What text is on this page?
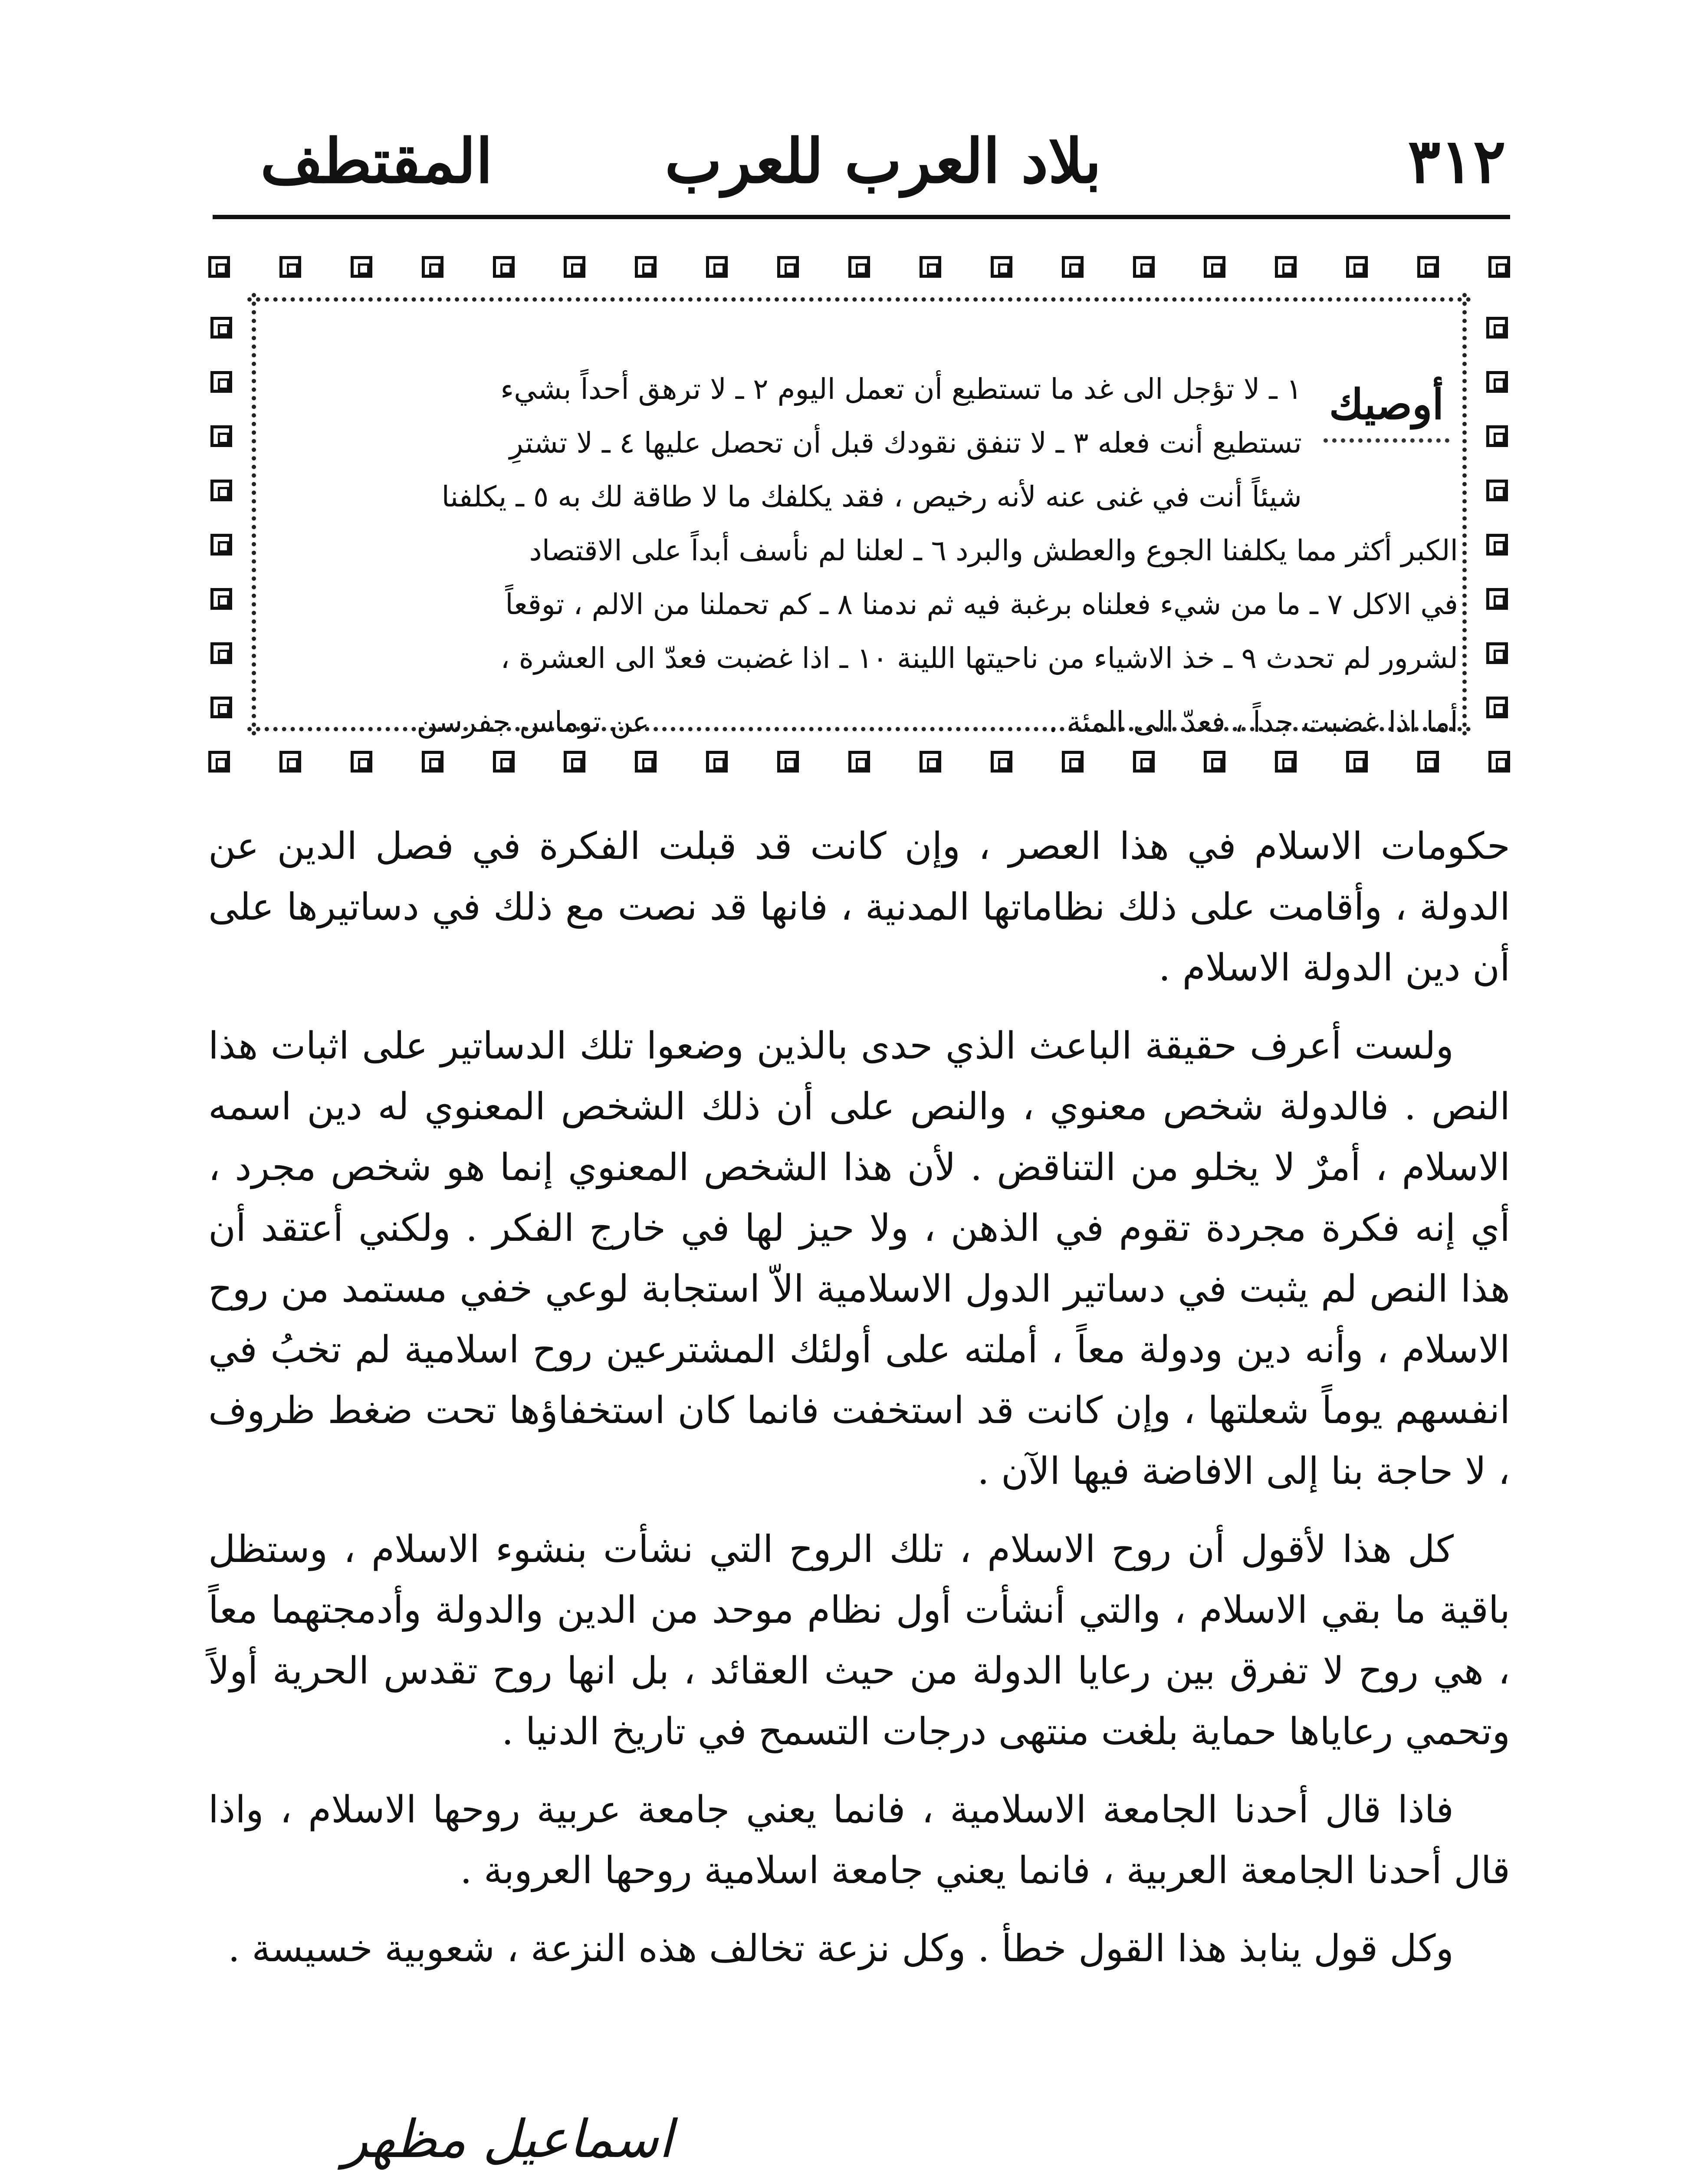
٣١٢
بلاد العرب للعرب
المقتطف
أوصيك
١ ـ لا تؤجل الى غد ما تستطيع أن تعمل اليوم ٢ ـ لا ترهق أحداً بشيء
تستطيع أنت فعله ٣ ـ لا تنفق نقودك قبل أن تحصل عليها ٤ ـ لا تشترِ
شيئاً أنت في غنى عنه لأنه رخيص ، فقد يكلفك ما لا طاقة لك به ٥ ـ يكلفنا
الكبر أكثر مما يكلفنا الجوع والعطش والبرد ٦ ـ لعلنا لم نأسف أبداً على الاقتصاد
في الاكل ٧ ـ ما من شيء فعلناه برغبة فيه ثم ندمنا ٨ ـ كم تحملنا من الالم ، توقعاً
لشرور لم تحدث ٩ ـ خذ الاشياء من ناحيتها اللينة ١٠ ـ اذا غضبت فعدّ الى العشرة ،
أما اذا غضبت جداً ، فعدّ الى المئة .
عن توماس جفرسن

حكومات الاسلام في هذا العصر ، وإن كانت قد قبلت الفكرة في فصل الدين عن الدولة ، وأقامت على ذلك نظاماتها المدنية ، فانها قد نصت مع ذلك في دساتيرها على أن دين الدولة الاسلام .

ولست أعرف حقيقة الباعث الذي حدى بالذين وضعوا تلك الدساتير على اثبات هذا النص . فالدولة شخص معنوي ، والنص على أن ذلك الشخص المعنوي له دين اسمه الاسلام ، أمرٌ لا يخلو من التناقض . لأن هذا الشخص المعنوي إنما هو شخص مجرد ، أي إنه فكرة مجردة تقوم في الذهن ، ولا حيز لها في خارج الفكر . ولكني أعتقد أن هذا النص لم يثبت في دساتير الدول الاسلامية الاّ استجابة لوعي خفي مستمد من روح الاسلام ، وأنه دين ودولة معاً ، أملته على أولئك المشترعين روح اسلامية لم تخبُ في انفسهم يوماً شعلتها ، وإن كانت قد استخفت فانما كان استخفاؤها تحت ضغط ظروف ، لا حاجة بنا إلى الافاضة فيها الآن .

كل هذا لأقول أن روح الاسلام ، تلك الروح التي نشأت بنشوء الاسلام ، وستظل باقية ما بقي الاسلام ، والتي أنشأت أول نظام موحد من الدين والدولة وأدمجتهما معاً ، هي روح لا تفرق بين رعايا الدولة من حيث العقائد ، بل انها روح تقدس الحرية أولاً وتحمي رعاياها حماية بلغت منتهى درجات التسمح في تاريخ الدنيا .

فاذا قال أحدنا الجامعة الاسلامية ، فانما يعني جامعة عربية روحها الاسلام ، واذا قال أحدنا الجامعة العربية ، فانما يعني جامعة اسلامية روحها العروبة .

وكل قول ينابذ هذا القول خطأ . وكل نزعة تخالف هذه النزعة ، شعوبية خسيسة .

اسماعيل مظهر
